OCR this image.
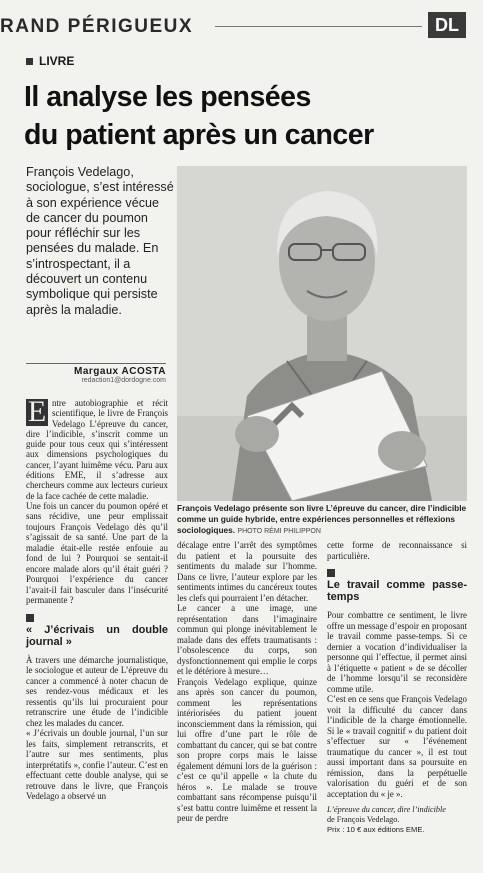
RAND PÉRIGUEUX	DL
LIVRE
Il analyse les pensées
du patient après un cancer
François Vedelago, sociologue, s’est intéressé à son expérience vécue de cancer du poumon pour réfléchir sur les pensées du malade. En s’introspectant, il a découvert un contenu symbolique qui persiste après la maladie.
Margaux ACOSTA
redaction1@dordogne.com
François Vedelago présente son livre L’épreuve du cancer, dire l’indicible comme un guide hybride, entre expériences personnelles et réflexions sociologiques. PHOTO RÉMI PHILIPPON

E ntre autobiographie et récit scientifique, le livre de François Vedelago L’épreuve du cancer, dire l’indicible, s’inscrit comme un guide pour tous ceux qui s’intéressent aux dimensions psychologiques du cancer, l’ayant luimême vécu. Paru aux éditions EME, il s’adresse aux chercheurs comme aux lecteurs curieux de la face cachée de cette maladie.

Une fois un cancer du poumon opéré et sans récidive, une peur emplissait toujours François Vedelago dès qu’il s’agissait de sa santé. Une part de la maladie était-elle restée enfouie au fond de lui ? Pourquoi se sentait-il encore malade alors qu’il était guéri ? Pourquoi l’expérience du cancer l’avait-il fait basculer dans l’insécurité permanente ?

« J’écrivais un double journal »

À travers une démarche journalistique, le sociologue et auteur de L’épreuve du cancer a commencé à noter chacun de ses rendez-vous médicaux et les ressentis qu’ils lui procuraient pour retranscrire une étude de l’indicible chez les malades du cancer.

« J’écrivais un double journal, l’un sur les faits, simplement retranscrits, et l’autre sur mes sentiments, plus interprétatifs », confie l’auteur. C’est en effectuant cette double analyse, qui se retrouve dans le livre, que François Vedelago a observé un

décalage entre l’arrêt des symptômes du patient et la poursuite des sentiments du malade sur l’homme. Dans ce livre, l’auteur explore par les sentiments intimes du cancéreux toutes les clefs qui pourraient l’en détacher.

Le cancer a une image, une représentation dans l’imaginaire commun qui plonge inévitablement le malade dans des effets traumatisants : l’obsolescence du corps, son dysfonctionnement qui emplie le corps et le détériore à mesure…

François Vedelago explique, quinze ans après son cancer du poumon, comment les représentations intériorisées du patient jouent inconsciemment dans la rémission, qui lui offre d’une part le rôle de combattant du cancer, qui se bat contre son propre corps mais le laisse également démuni lors de la guérison : c’est ce qu’il appelle « la chute du héros ». Le malade se trouve combattant sans récompense puisqu’il s’est battu contre luimême et ressent la peur de perdre

cette forme de reconnaissance si particulière.

Le travail comme passe-temps

Pour combattre ce sentiment, le livre offre un message d’espoir en proposant le travail comme passe-temps. Si ce dernier a vocation d’individualiser la personne qui l’effectue, il permet ainsi à l’étiquette « patient » de se décoller de l’homme lorsqu’il se reconsidère comme utile.

C’est en ce sens que François Vedelago voit la difficulté du cancer dans l’indicible de la charge émotionnelle. Si le « travail cognitif » du patient doit s’effectuer sur « l’événement traumatique du cancer », il est tout aussi important dans sa poursuite en rémission, dans la perpétuelle valorisation du guéri et de son acceptation du « je ».

L’épreuve du cancer, dire l’indicible
de François Vedelago.
Prix : 10 € aux éditions EME.
